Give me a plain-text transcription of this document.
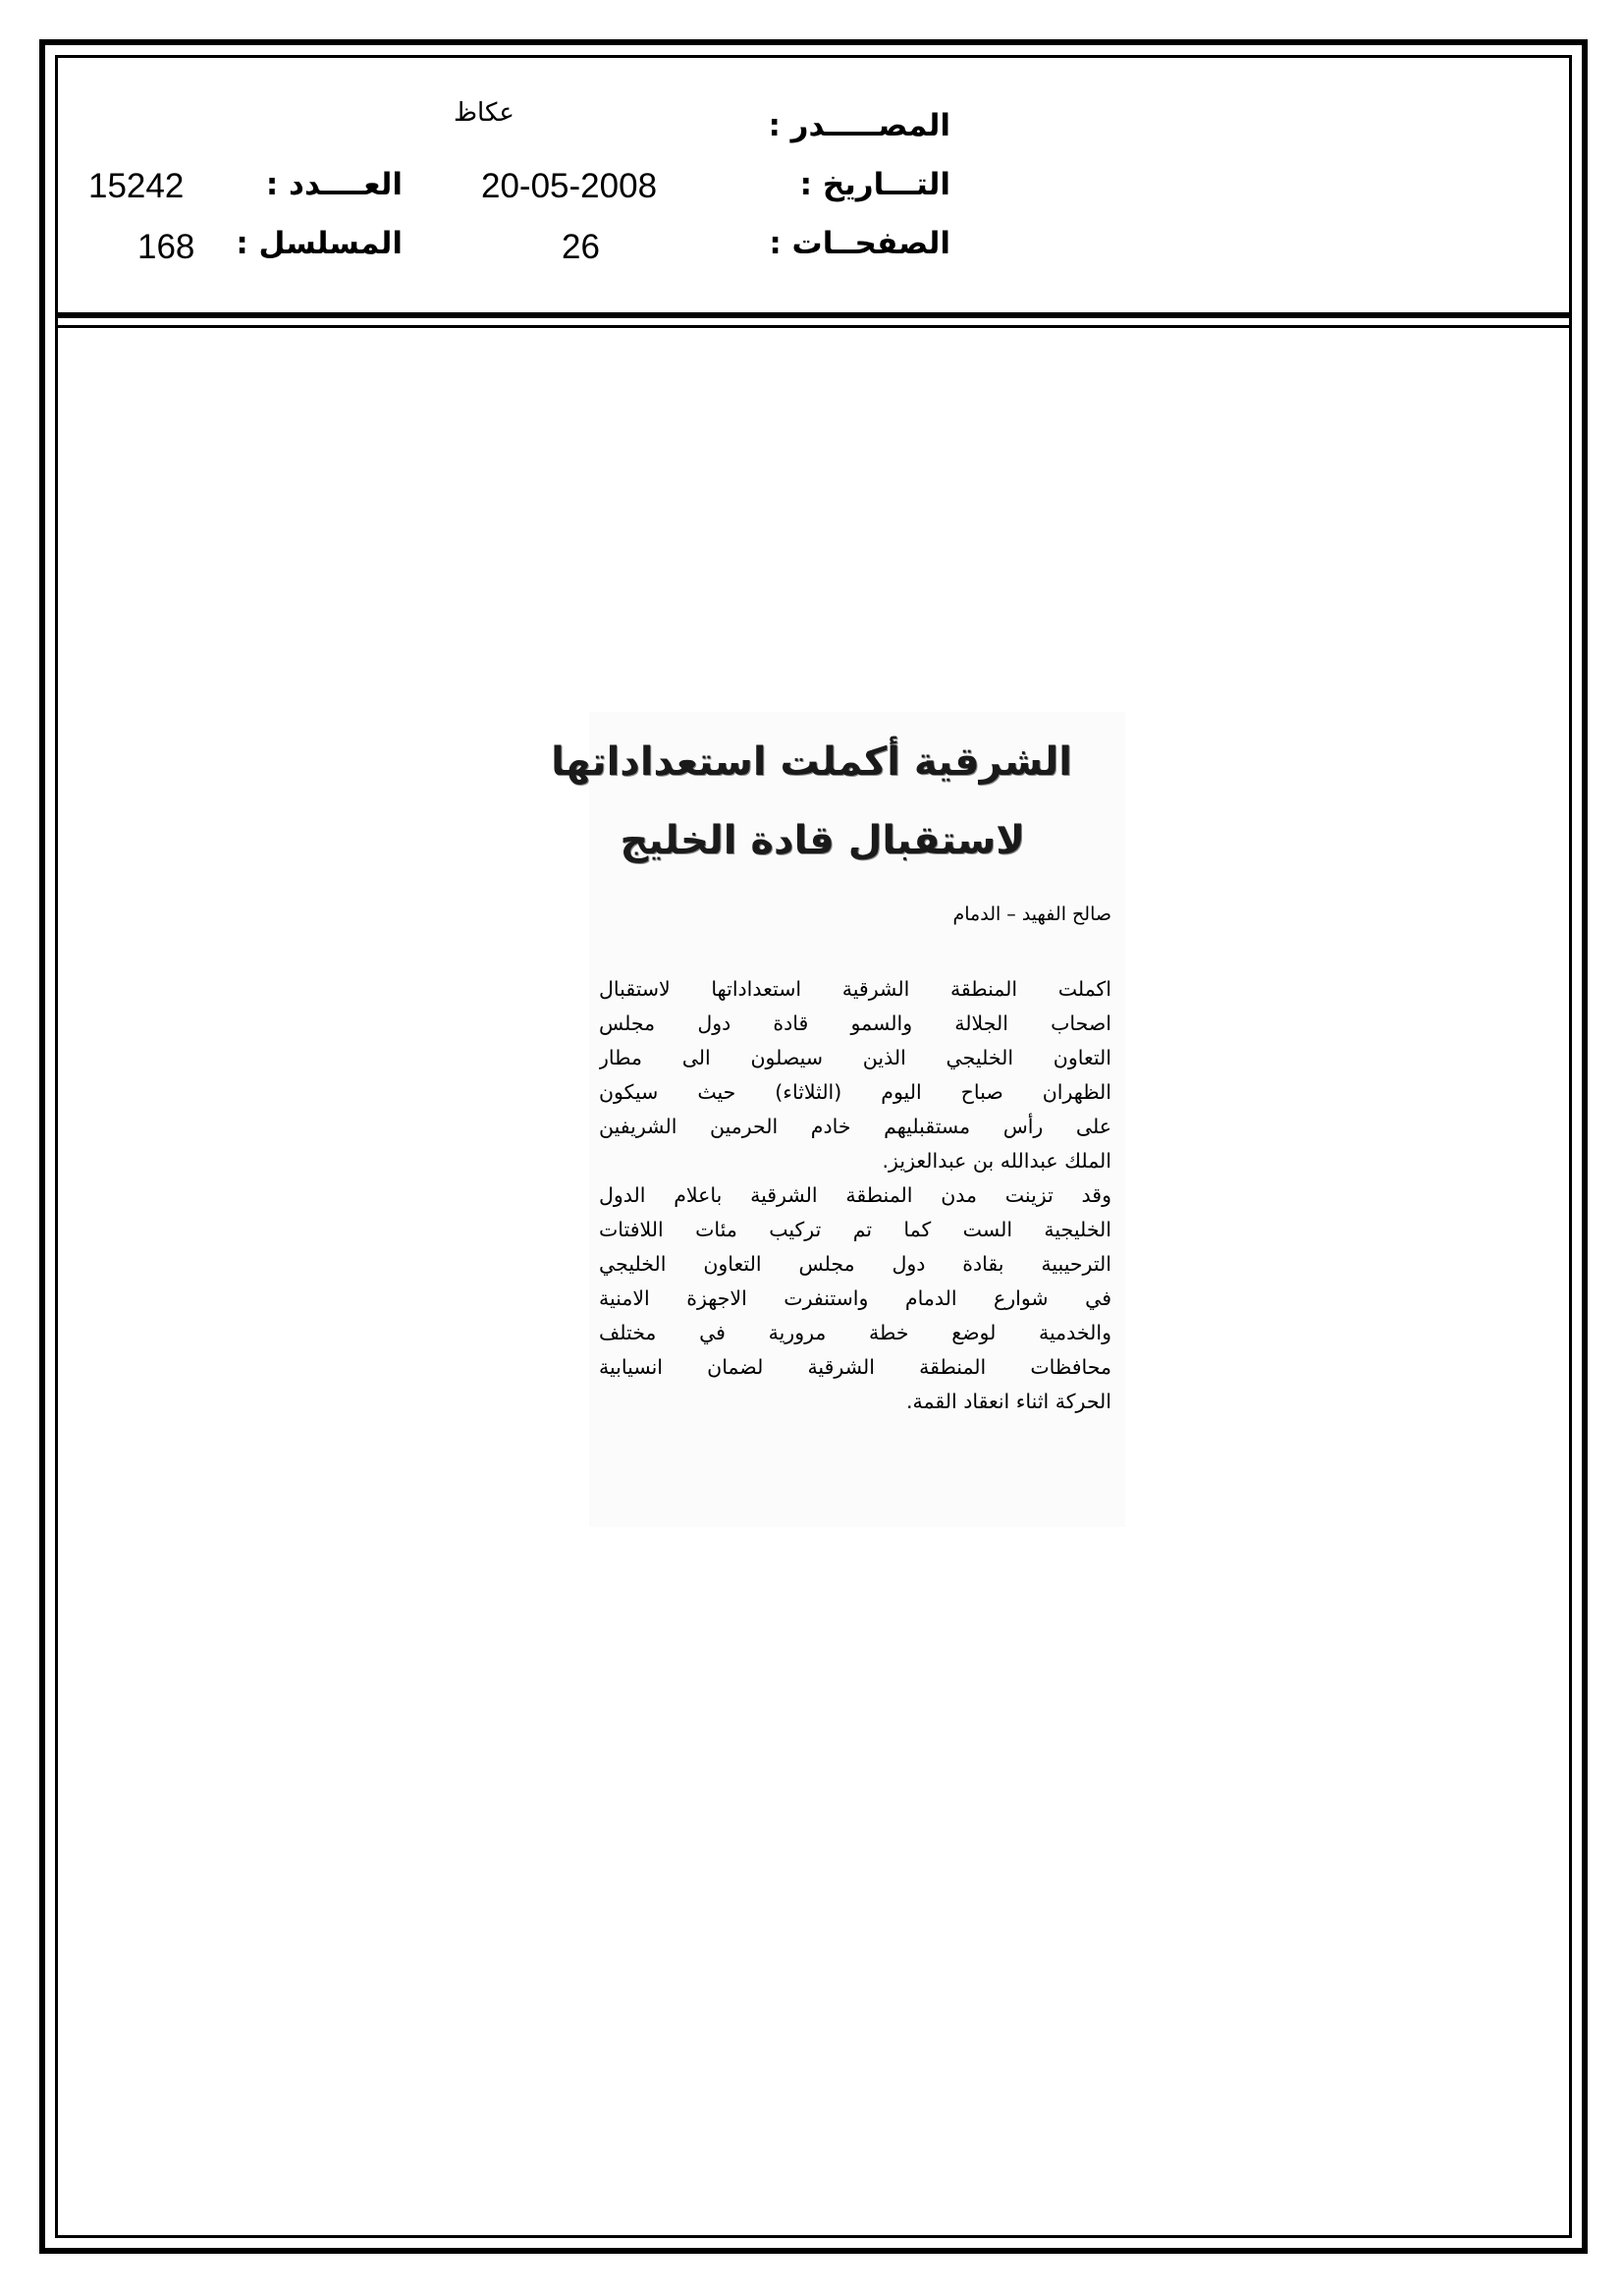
المصـــــدر :
التـــاريخ :
الصفحــات :
عكاظ
20-05-2008
26
العــــدد :
المسلسل :
15242
168
الشرقية أكملت استعداداتها
لاستقبال قادة الخليج
صالح الفهيد – الدمام
اكملت المنطقة الشرقية استعداداتها لاستقبال
اصحاب الجلالة والسمو قادة دول مجلس
التعاون الخليجي الذين سيصلون الى مطار
الظهران صباح اليوم (الثلاثاء) حيث سيكون
على رأس مستقبليهم خادم الحرمين الشريفين
الملك عبدالله بن عبدالعزيز.
وقد تزينت مدن المنطقة الشرقية باعلام الدول
الخليجية الست كما تم تركيب مئات اللافتات
الترحيبية بقادة دول مجلس التعاون الخليجي
في شوارع الدمام واستنفرت الاجهزة الامنية
والخدمية لوضع خطة مرورية في مختلف
محافظات المنطقة الشرقية لضمان انسيابية
الحركة اثناء انعقاد القمة.
